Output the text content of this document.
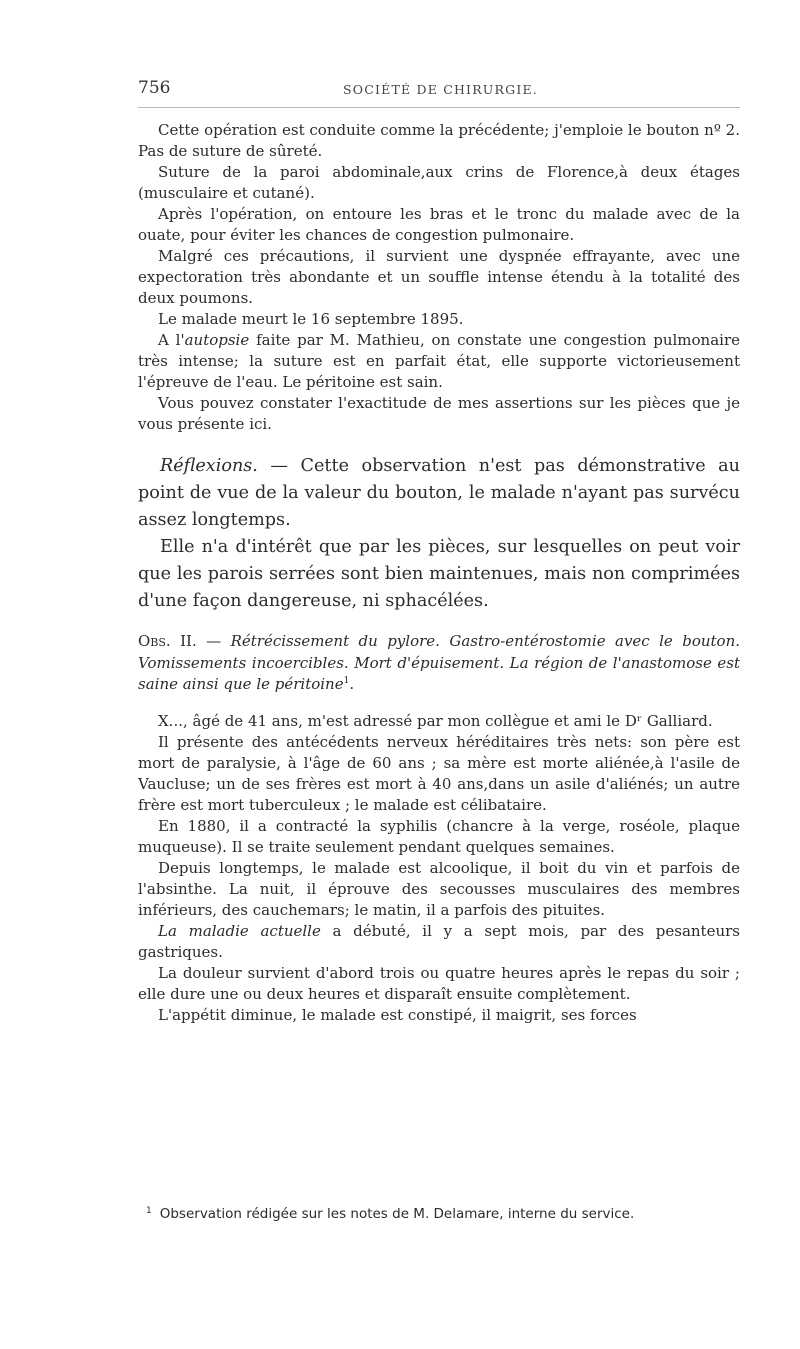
756	SOCIÉTÉ DE CHIRURGIE.

Cette opération est conduite comme la précédente; j'emploie le bouton nº 2. Pas de suture de sûreté.

Suture de la paroi abdominale,aux crins de Florence,à deux étages (musculaire et cutané).

Après l'opération, on entoure les bras et le tronc du malade avec de la ouate, pour éviter les chances de congestion pulmonaire.

Malgré ces précautions, il survient une dyspnée effrayante, avec une expectoration très abondante et un souffle intense étendu à la totalité des deux poumons.

Le malade meurt le 16 septembre 1895.

A l'autopsie faite par M. Mathieu, on constate une congestion pulmonaire très intense; la suture est en parfait état, elle supporte victorieusement l'épreuve de l'eau. Le péritoine est sain.

Vous pouvez constater l'exactitude de mes assertions sur les pièces que je vous présente ici.

Réflexions. — Cette observation n'est pas démonstrative au point de vue de la valeur du bouton, le malade n'ayant pas survécu assez longtemps.

Elle n'a d'intérêt que par les pièces, sur lesquelles on peut voir que les parois serrées sont bien maintenues, mais non comprimées d'une façon dangereuse, ni sphacélées.

Obs. II. — Rétrécissement du pylore. Gastro-entérostomie avec le bouton. Vomissements incoercibles. Mort d'épuisement. La région de l'anastomose est saine ainsi que le péritoine$^1$.

X..., âgé de 41 ans, m'est adressé par mon collègue et ami le Dʳ Galliard.

Il présente des antécédents nerveux héréditaires très nets: son père est mort de paralysie, à l'âge de 60 ans ; sa mère est morte aliénée,à l'asile de Vaucluse; un de ses frères est mort à 40 ans,dans un asile d'aliénés; un autre frère est mort tuberculeux ; le malade est célibataire.

En 1880, il a contracté la syphilis (chancre à la verge, roséole, plaque muqueuse). Il se traite seulement pendant quelques semaines.

Depuis longtemps, le malade est alcoolique, il boit du vin et parfois de l'absinthe. La nuit, il éprouve des secousses musculaires des membres inférieurs, des cauchemars; le matin, il a parfois des pituites.

La maladie actuelle a débuté, il y a sept mois, par des pesanteurs gastriques.

La douleur survient d'abord trois ou quatre heures après le repas du soir ; elle dure une ou deux heures et disparaît ensuite complètement.

L'appétit diminue, le malade est constipé, il maigrit, ses forces

$^1$ Observation rédigée sur les notes de M. Delamare, interne du service.
